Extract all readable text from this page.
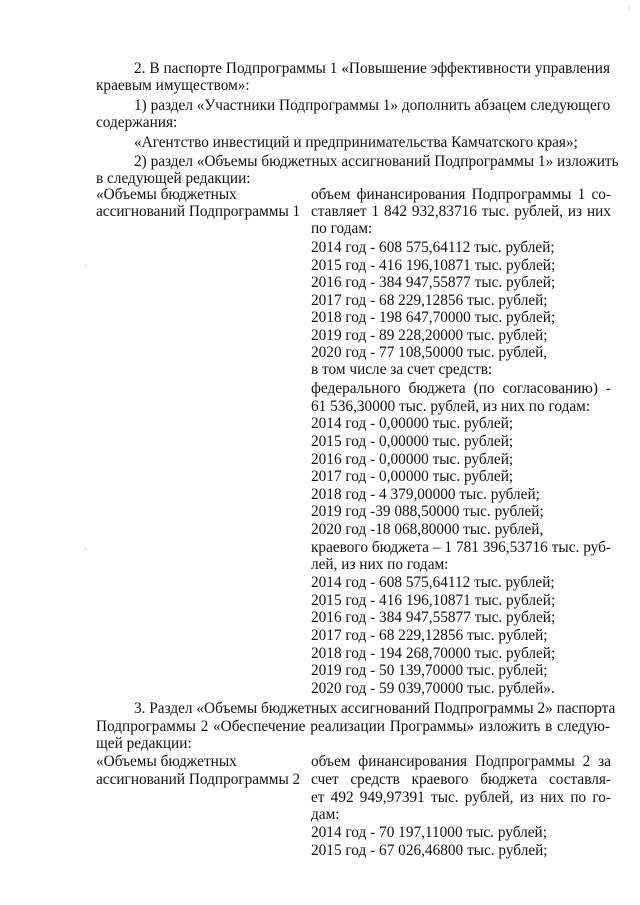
2. В паспорте Подпрограммы 1 «Повышение эффективности управления
краевым имуществом»:
1) раздел «Участники Подпрограммы 1» дополнить абзацем следующего
содержания:
«Агентство инвестиций и предпринимательства Камчатского края»;
2) раздел «Объемы бюджетных ассигнований Подпрограммы 1» изложить
в следующей редакции:
«Объемы бюджетных
ассигнований Подпрограммы 1
объем финансирования Подпрограммы 1 со-
ставляет 1 842 932,83716 тыс. рублей, из них
по годам:
2014 год - 608 575,64112 тыс. рублей;
2015 год - 416 196,10871 тыс. рублей;
2016 год - 384 947,55877 тыс. рублей;
2017 год - 68 229,12856 тыс. рублей;
2018 год - 198 647,70000 тыс. рублей;
2019 год - 89 228,20000 тыс. рублей;
2020 год - 77 108,50000 тыс. рублей,
в том числе за счет средств:
федерального бюджета (по согласованию) -
61 536,30000 тыс. рублей, из них по годам:
2014 год - 0,00000 тыс. рублей;
2015 год - 0,00000 тыс. рублей;
2016 год - 0,00000 тыс. рублей;
2017 год - 0,00000 тыс. рублей;
2018 год - 4 379,00000 тыс. рублей;
2019 год -39 088,50000 тыс. рублей;
2020 год -18 068,80000 тыс. рублей,
краевого бюджета – 1 781 396,53716 тыс. руб-
лей, из них по годам:
2014 год - 608 575,64112 тыс. рублей;
2015 год - 416 196,10871 тыс. рублей;
2016 год - 384 947,55877 тыс. рублей;
2017 год - 68 229,12856 тыс. рублей;
2018 год - 194 268,70000 тыс. рублей;
2019 год - 50 139,70000 тыс. рублей;
2020 год - 59 039,70000 тыс. рублей».
3. Раздел «Объемы бюджетных ассигнований Подпрограммы 2» паспорта
Подпрограммы 2 «Обеспечение реализации Программы» изложить в следую-
щей редакции:
«Объемы бюджетных
ассигнований Подпрограммы 2
объем финансирования Подпрограммы 2 за
счет средств краевого бюджета составля-
ет 492 949,97391 тыс. рублей, из них по го-
дам:
2014 год - 70 197,11000 тыс. рублей;
2015 год - 67 026,46800 тыс. рублей;
·
·
·
